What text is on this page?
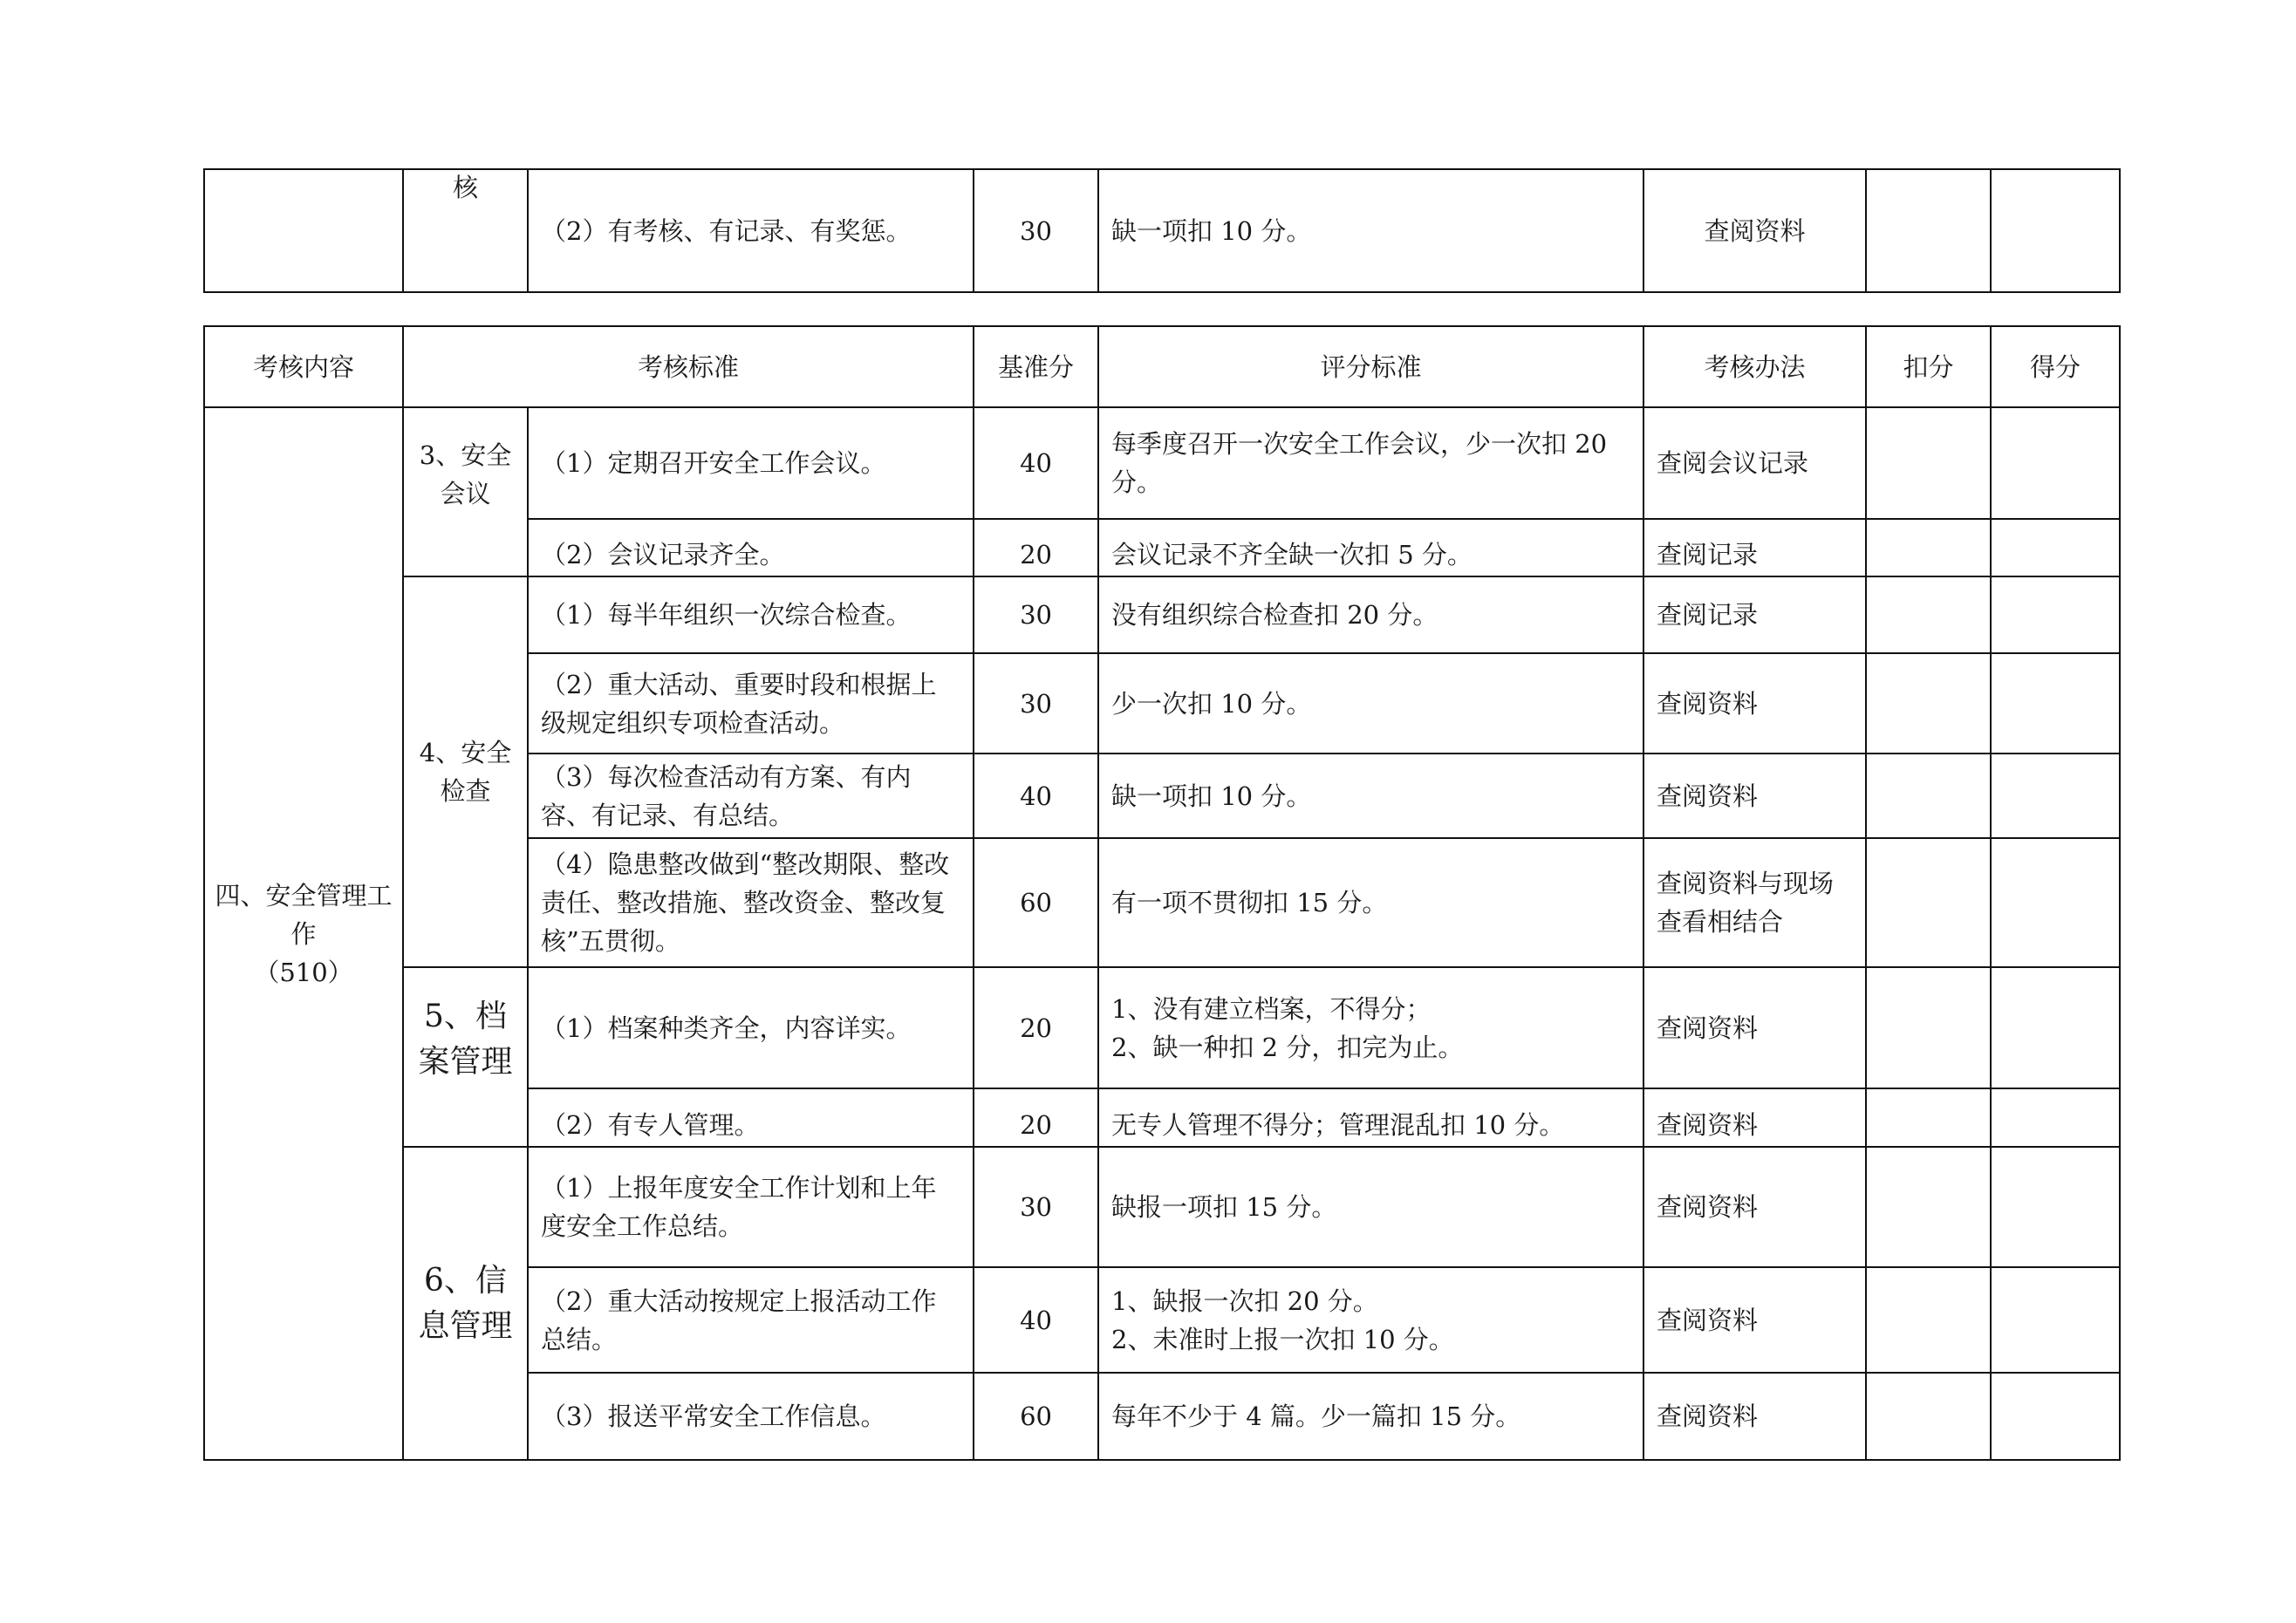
	核	（2）有考核、有记录、有奖惩。	30	缺一项扣 10 分。	查阅资料		
考核内容	考核标准		基准分	评分标准	考核办法	扣分	得分

四、安全管理工作
（510）	3、安全会议	（1）定期召开安全工作会议。	40	每季度召开一次安全工作会议，少一次扣 20 分。	查阅会议记录		
		（2）会议记录齐全。	20	会议记录不齐全缺一次扣 5 分。	查阅记录		
	4、安全检查	（1）每半年组织一次综合检查。	30	没有组织综合检查扣 20 分。	查阅记录		
		（2）重大活动、重要时段和根据上级规定组织专项检查活动。	30	少一次扣 10 分。	查阅资料		
		（3）每次检查活动有方案、有内容、有记录、有总结。	40	缺一项扣 10 分。	查阅资料		
		（4）隐患整改做到“整改期限、整改责任、整改措施、整改资金、整改复核”五贯彻。	60	有一项不贯彻扣 15 分。	查阅资料与现场查看相结合		
	5、档案管理	（1）档案种类齐全，内容详实。	20	1、没有建立档案，不得分；
2、缺一种扣 2 分，扣完为止。	查阅资料		
		（2）有专人管理。	20	无专人管理不得分；管理混乱扣 10 分。	查阅资料		
	6、信息管理	（1）上报年度安全工作计划和上年度安全工作总结。	30	缺报一项扣 15 分。	查阅资料		
		（2）重大活动按规定上报活动工作总结。	40	1、缺报一次扣 20 分。
2、未准时上报一次扣 10 分。	查阅资料		
		（3）报送平常安全工作信息。	60	每年不少于 4 篇。少一篇扣 15 分。	查阅资料		
